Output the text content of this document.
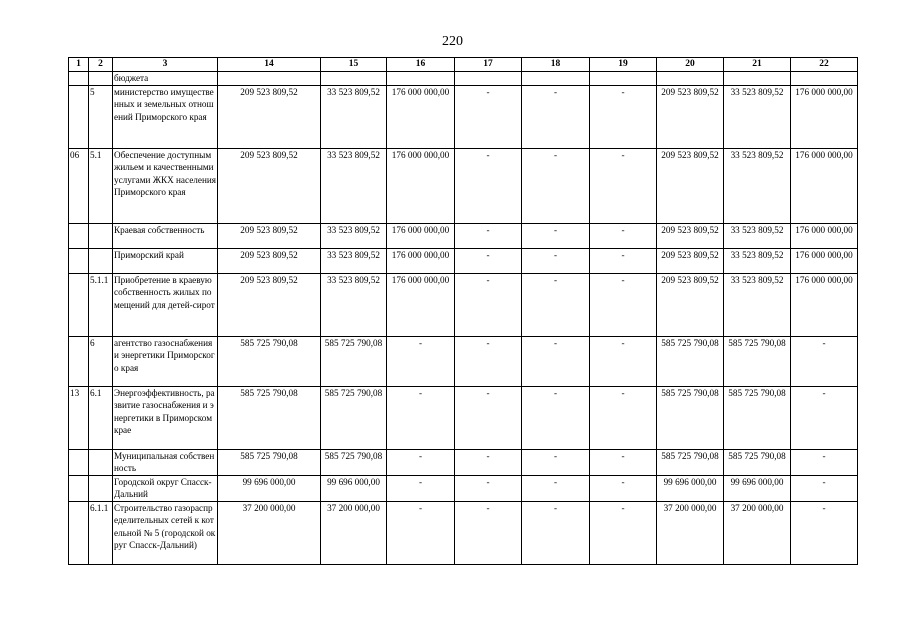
220
1	2	3	14	15	16	17	18	19	20	21	22
		бюджета									
	5	министерство имущественных и земельных отношений Приморского края	209 523 809,52	33 523 809,52	176 000 000,00	-	-	-	209 523 809,52	33 523 809,52	176 000 000,00
06	5.1	Обеспечение доступным жильем и качественными услугами ЖКХ населения Приморского края	209 523 809,52	33 523 809,52	176 000 000,00	-	-	-	209 523 809,52	33 523 809,52	176 000 000,00
		Краевая собственность	209 523 809,52	33 523 809,52	176 000 000,00	-	-	-	209 523 809,52	33 523 809,52	176 000 000,00
		Приморский край	209 523 809,52	33 523 809,52	176 000 000,00	-	-	-	209 523 809,52	33 523 809,52	176 000 000,00
	5.1.1	Приобретение в краевую собственность жилых помещений для детей-сирот	209 523 809,52	33 523 809,52	176 000 000,00	-	-	-	209 523 809,52	33 523 809,52	176 000 000,00
	6	агентство газоснабжения и энергетики Приморского края	585 725 790,08	585 725 790,08	-	-	-	-	585 725 790,08	585 725 790,08	-
13	6.1	Энергоэффективность, развитие газоснабжения и энергетики в Приморском крае	585 725 790,08	585 725 790,08	-	-	-	-	585 725 790,08	585 725 790,08	-
		Муниципальная собственность	585 725 790,08	585 725 790,08	-	-	-	-	585 725 790,08	585 725 790,08	-
		Городской округ Спасск-Дальний	99 696 000,00	99 696 000,00	-	-	-	-	99 696 000,00	99 696 000,00	-
	6.1.1	Строительство газораспределительных сетей к котельной № 5 (городской округ Спасск-Дальний)	37 200 000,00	37 200 000,00	-	-	-	-	37 200 000,00	37 200 000,00	-
